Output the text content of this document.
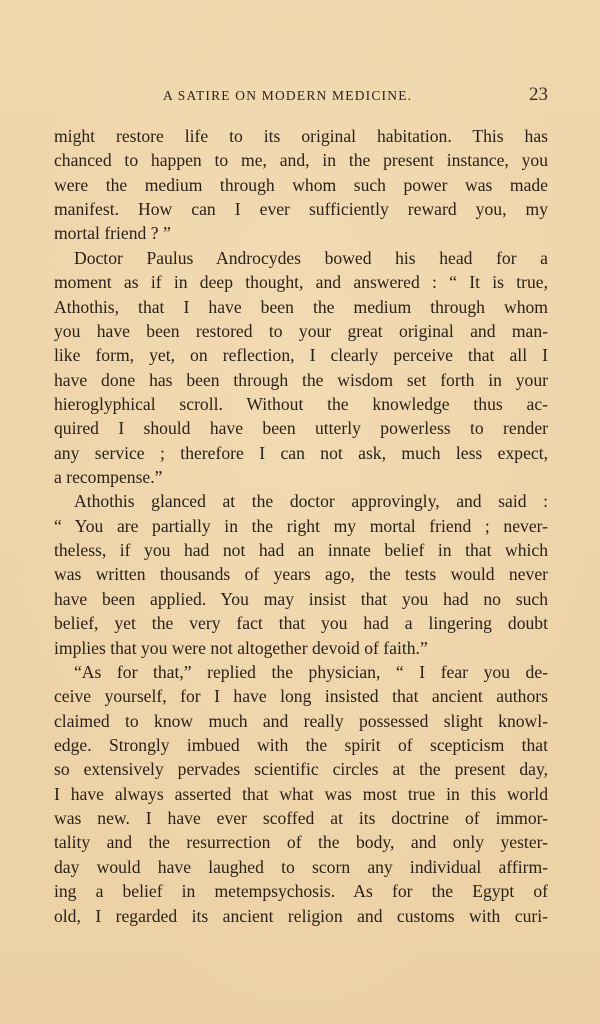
A SATIRE ON MODERN MEDICINE.	23
might restore life to its original habitation. This has
chanced to happen to me, and, in the present instance, you
were the medium through whom such power was made
manifest. How can I ever sufficiently reward you, my
mortal friend ? ”
Doctor Paulus Androcydes bowed his head for a
moment as if in deep thought, and answered : “ It is true,
Athothis, that I have been the medium through whom
you have been restored to your great original and man-
like form, yet, on reflection, I clearly perceive that all I
have done has been through the wisdom set forth in your
hieroglyphical scroll. Without the knowledge thus ac-
quired I should have been utterly powerless to render
any service ; therefore I can not ask, much less expect,
a recompense.”
Athothis glanced at the doctor approvingly, and said :
“ You are partially in the right my mortal friend ; never-
theless, if you had not had an innate belief in that which
was written thousands of years ago, the tests would never
have been applied. You may insist that you had no such
belief, yet the very fact that you had a lingering doubt
implies that you were not altogether devoid of faith.”
“As for that,” replied the physician, “ I fear you de-
ceive yourself, for I have long insisted that ancient authors
claimed to know much and really possessed slight knowl-
edge. Strongly imbued with the spirit of scepticism that
so extensively pervades scientific circles at the present day,
I have always asserted that what was most true in this world
was new. I have ever scoffed at its doctrine of immor-
tality and the resurrection of the body, and only yester-
day would have laughed to scorn any individual affirm-
ing a belief in metempsychosis. As for the Egypt of
old, I regarded its ancient religion and customs with curi-
